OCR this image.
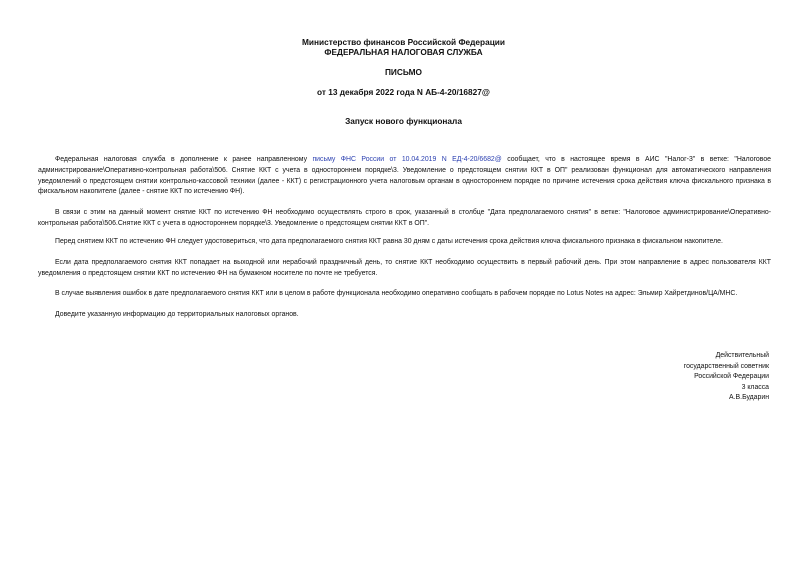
Министерство финансов Российской Федерации
ФЕДЕРАЛЬНАЯ НАЛОГОВАЯ СЛУЖБА
ПИСЬМО
от 13 декабря 2022 года N АБ-4-20/16827@
Запуск нового функционала

Федеральная налоговая служба в дополнение к ранее направленному письму ФНС России от 10.04.2019 N ЕД-4-20/6682@ сообщает, что в настоящее время в АИС "Налог-3" в ветке: "Налоговое администрирование\Оперативно-контрольная работа\506. Снятие ККТ с учета в одностороннем порядке\3. Уведомление о предстоящем снятии ККТ в ОП" реализован функционал для автоматического направления уведомлений о предстоящем снятии контрольно-кассовой техники (далее - ККТ) с регистрационного учета налоговым органам в одностороннем порядке по причине истечения срока действия ключа фискального признака в фискальном накопителе (далее - снятие ККТ по истечению ФН).

В связи с этим на данный момент снятие ККТ по истечению ФН необходимо осуществлять строго в срок, указанный в столбце "Дата предполагаемого снятия" в ветке: "Налоговое администрирование\Оперативно-контрольная работа\506.Снятие ККТ с учета в одностороннем порядке\3. Уведомление о предстоящем снятии ККТ в ОП".

Перед снятием ККТ по истечению ФН следует удостовериться, что дата предполагаемого снятия ККТ равна 30 дням с даты истечения срока действия ключа фискального признака в фискальном накопителе.

Если дата предполагаемого снятия ККТ попадает на выходной или нерабочий праздничный день, то снятие ККТ необходимо осуществить в первый рабочий день. При этом направление в адрес пользователя ККТ уведомления о предстоящем снятии ККТ по истечению ФН на бумажном носителе по почте не требуется.

В случае выявления ошибок в дате предполагаемого снятия ККТ или в целом в работе функционала необходимо оперативно сообщать в рабочем порядке по Lotus Notes на адрес: Эльмир Хайретдинов/ЦА/МНС.

Доведите указанную информацию до территориальных налоговых органов.

Действительный
государственный советник
Российской Федерации
3 класса
А.В.Бударин
